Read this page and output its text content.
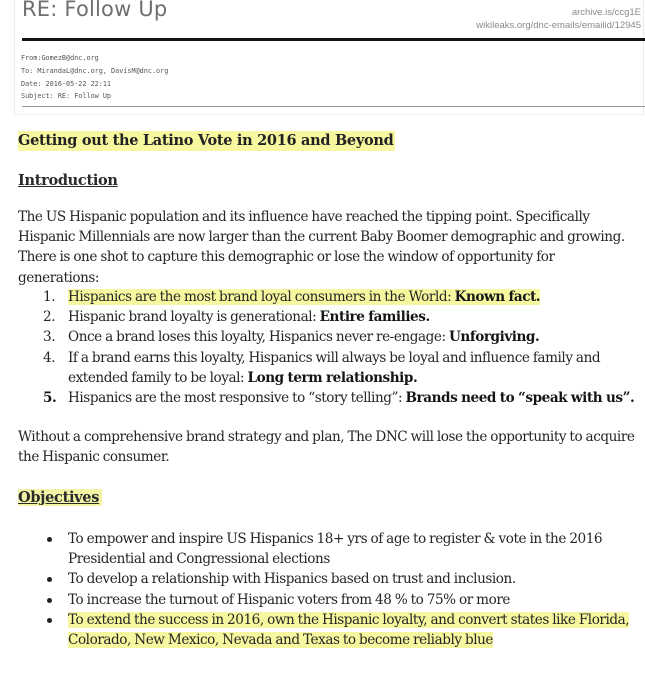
RE: Follow Up	archive.is/ccg1E
wikileaks.org/dnc-emails/emailid/12945
From:GomezB@dnc.org
To: MirandaL@dnc.org, DavisM@dnc.org
Date: 2016-05-22 22:11
Subject: RE: Follow Up
Getting out the Latino Vote in 2016 and Beyond
Introduction
The US Hispanic population and its influence have reached the tipping point. Specifically Hispanic Millennials are now larger than the current Baby Boomer demographic and growing. There is one shot to capture this demographic or lose the window of opportunity for generations:
1. Hispanics are the most brand loyal consumers in the World: Known fact.
2. Hispanic brand loyalty is generational: Entire families.
3. Once a brand loses this loyalty, Hispanics never re-engage: Unforgiving.
4. If a brand earns this loyalty, Hispanics will always be loyal and influence family and extended family to be loyal: Long term relationship.
5. Hispanics are the most responsive to “story telling”: Brands need to “speak with us”.
Without a comprehensive brand strategy and plan, The DNC will lose the opportunity to acquire the Hispanic consumer.
Objectives
To empower and inspire US Hispanics 18+ yrs of age to register & vote in the 2016 Presidential and Congressional elections
To develop a relationship with Hispanics based on trust and inclusion.
To increase the turnout of Hispanic voters from 48 % to 75% or more
To extend the success in 2016, own the Hispanic loyalty, and convert states like Florida, Colorado, New Mexico, Nevada and Texas to become reliably blue
